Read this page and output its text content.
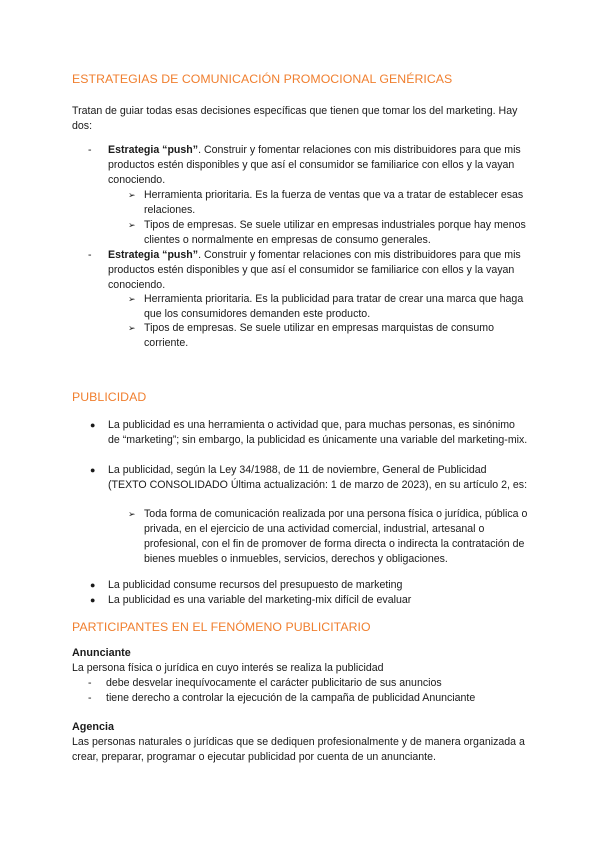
ESTRATEGIAS DE COMUNICACIÓN PROMOCIONAL GENÉRICAS
Tratan de guiar todas esas decisiones específicas que tienen que tomar los del marketing. Hay dos:
-	Estrategia “push”. Construir y fomentar relaciones con mis distribuidores para que mis productos estén disponibles y que así el consumidor se familiarice con ellos y la vayan conociendo.
➢ Herramienta prioritaria. Es la fuerza de ventas que va a tratar de establecer esas relaciones.
➢ Tipos de empresas. Se suele utilizar en empresas industriales porque hay menos clientes o normalmente en empresas de consumo generales.
-	Estrategia “push”. Construir y fomentar relaciones con mis distribuidores para que mis productos estén disponibles y que así el consumidor se familiarice con ellos y la vayan conociendo.
➢ Herramienta prioritaria. Es la publicidad para tratar de crear una marca que haga que los consumidores demanden este producto.
➢ Tipos de empresas. Se suele utilizar en empresas marquistas de consumo corriente.
PUBLICIDAD
●	La publicidad es una herramienta o actividad que, para muchas personas, es sinónimo de “marketing”; sin embargo, la publicidad es únicamente una variable del marketing-mix.
●	La publicidad, según la Ley 34/1988, de 11 de noviembre, General de Publicidad (TEXTO CONSOLIDADO Última actualización: 1 de marzo de 2023), en su artículo 2, es:
➢ Toda forma de comunicación realizada por una persona física o jurídica, pública o privada, en el ejercicio de una actividad comercial, industrial, artesanal o profesional, con el fin de promover de forma directa o indirecta la contratación de bienes muebles o inmuebles, servicios, derechos y obligaciones.
●	La publicidad consume recursos del presupuesto de marketing
●	La publicidad es una variable del marketing-mix difícil de evaluar
PARTICIPANTES EN EL FENÓMENO PUBLICITARIO
Anunciante
La persona física o jurídica en cuyo interés se realiza la publicidad
-	debe desvelar inequívocamente el carácter publicitario de sus anuncios
-	tiene derecho a controlar la ejecución de la campaña de publicidad Anunciante
Agencia
Las personas naturales o jurídicas que se dediquen profesionalmente y de manera organizada a crear, preparar, programar o ejecutar publicidad por cuenta de un anunciante.
